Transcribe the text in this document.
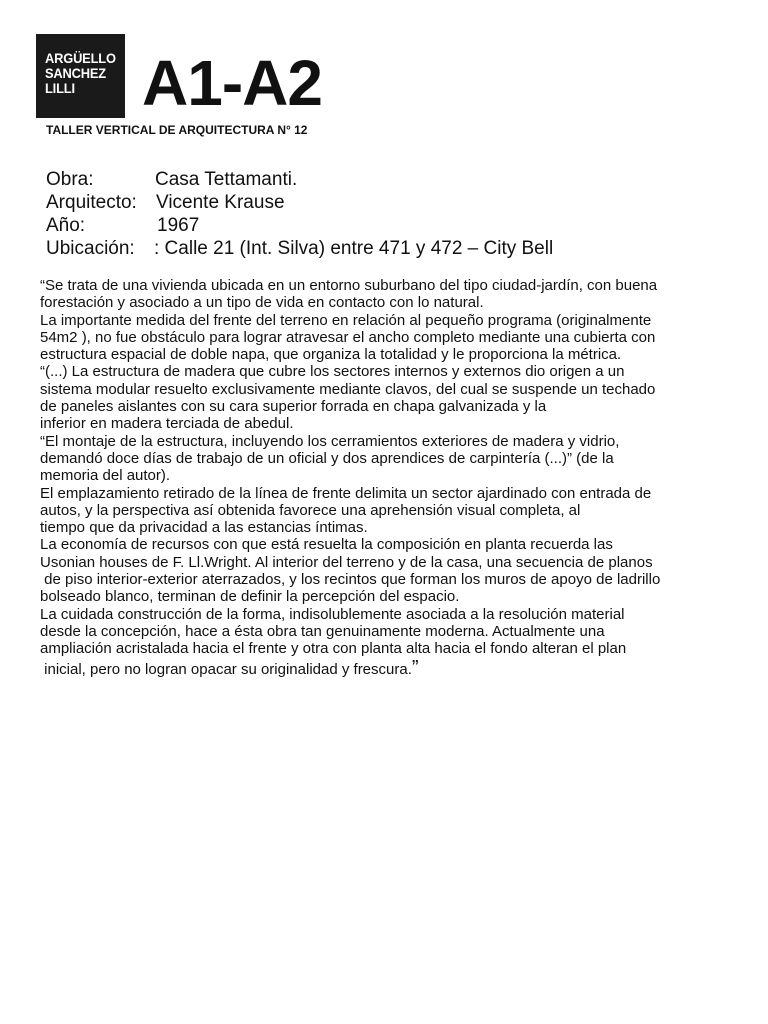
ARGÜELLO
SANCHEZ
LILLI	A1-A2
TALLER VERTICAL DE ARQUITECTURA N° 12
Obra:	Casa Tettamanti.
Arquitecto: Vicente Krause
Año:	1967
Ubicación: : Calle 21 (Int. Silva) entre 471 y 472 – City Bell
“Se trata de una vivienda ubicada en un entorno suburbano del tipo ciudad-jardín, con buena
forestación y asociado a un tipo de vida en contacto con lo natural.
La importante medida del frente del terreno en relación al pequeño programa (originalmente
54m2 ), no fue obstáculo para lograr atravesar el ancho completo mediante una cubierta con
estructura espacial de doble napa, que organiza la totalidad y le proporciona la métrica.
“(...) La estructura de madera que cubre los sectores internos y externos dio origen a un
sistema modular resuelto exclusivamente mediante clavos, del cual se suspende un techado
de paneles aislantes con su cara superior forrada en chapa galvanizada y la
inferior en madera terciada de abedul.
“El montaje de la estructura, incluyendo los cerramientos exteriores de madera y vidrio,
demandó doce días de trabajo de un oficial y dos aprendices de carpintería (...)” (de la
memoria del autor).
El emplazamiento retirado de la línea de frente delimita un sector ajardinado con entrada de
autos, y la perspectiva así obtenida favorece una aprehensión visual completa, al
tiempo que da privacidad a las estancias íntimas.
La economía de recursos con que está resuelta la composición en planta recuerda las
Usonian houses de F. Ll.Wright. Al interior del terreno y de la casa, una secuencia de planos
de piso interior-exterior aterrazados, y los recintos que forman los muros de apoyo de ladrillo
bolseado blanco, terminan de definir la percepción del espacio.
La cuidada construcción de la forma, indisolublemente asociada a la resolución material
desde la concepción, hace a ésta obra tan genuinamente moderna. Actualmente una
ampliación acristalada hacia el frente y otra con planta alta hacia el fondo alteran el plan
inicial, pero no logran opacar su originalidad y frescura.”
